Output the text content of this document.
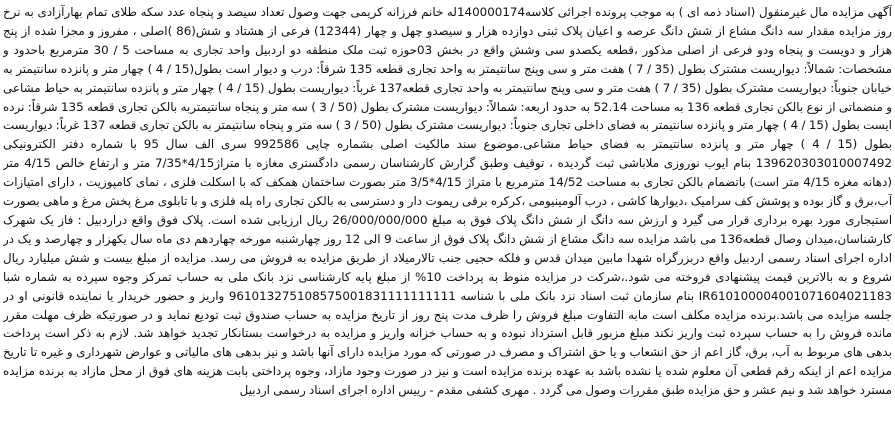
آگهی مزایده مال غیرمنقول (اسناد ذمه ای ) به موجب پرونده اجرائی کلاسه140000174له خانم فرزانه کریمی جهت وصول تعداد سیصد و پنجاه عدد سکه طلای تمام بهارآزادی به نرخ روز مزایده مقدار سه دانگ مشاع از شش دانگ عرصه و اعیان پلاک ثبتی دوازده هزار و سیصدو چهل و چهار (12344) فرعی از هشتاد و شش(86 )اصلی ، مفروز و مجزا شده از پنج هزار و دویست و پنجاه ودو فرعی از اصلی مذکور ،قطعه یکصدو سی وشش واقع در بخش 03حوزه ثبت ملک منطقه دو اردبیل واحد تجاری به مساحت 5 / 30 مترمربع باحدود و مشخصات: شمالاً: دیواریست مشترک بطول (35 / 7 ) هفت متر و سی وپنج سانتیمتر به واحد تجاری قطعه 135 شرقاً: درب و دیوار است بطول(15 / 4 ) چهار متر و پانزده سانتیمتر به خیابان جنوباً: دیواریست مشترک بطول (35 / 7 ) هفت متر و سی وپنج سانتیمتر به واحد تجاری قطعه137 غرباً: دیواریست بطول (15 / 4 ) چهار متر و پانزده سانتیمتر به حیاط مشاعی و منضماتی از نوع بالکن تجاری قطعه 136 به مساحت 52.14 به حدود اربعه: شمالاً: دیواریست مشترک بطول (50 / 3 ) سه متر و پنجاه سانتیمتربه بالکن تجاری قطعه 135 شرقاً: نرده ایست بطول (15 / 4 ) چهار متر و پانزده سانتیمتر به فضای داخلی تجاری جنوباً: دیواریست مشترک بطول (50 / 3 ) سه متر و پنجاه سانتیمتر به بالکن تجاری قطعه 137 غرباً: دیواریست بطول (15 / 4 ) چهار متر و پانزده سانتیمتر به فضای حیاط مشاعی.موضوع سند مالکیت اصلی بشماره چاپی 992586 سری الف سال 95 با شماره دفتر الکترونیکی 139620303010007492 بنام ایوب نوروزی ملاباشی ثبت گردیده ، توقیف وطبق گزارش کارشناسان رسمی دادگستری مغازه با متراژ4/15*7/35 متر و ارتفاع خالص 4/15 متر (دهانه مغزه 4/15 متر است) باتضمام بالکن تجاری به مساحت 14/52 مترمربع با متراژ 4/15*3/5 متر بصورت ساختمان همکف که با اسکلت فلزی ، نمای کامپوزیت ، دارای امتیازات آب،برق و گاز بوده و پوشش کف سرامیک ،دیوارها کاشی ، درب آلومینیومی ،کرکره برقی ریموت دار و دسترسی به بالکن تجاری راه پله فلزی و با تابلوی مرغ پخش مرغ و ماهی بصورت استیجاری مورد بهره برداری قرار می گیرد و ارزش سه دانگ از شش دانگ پلاک فوق به مبلغ 26/000/000/000 ریال ارزیابی شده است. پلاک فوق واقع دراردبیل : فاز یک شهرک کارشناسان،میدان وصال قطعه136 می باشد مزایده سه دانگ مشاع از شش دانگ پلاک فوق از ساعت 9 الی 12 روز چهارشنبه مورخه چهاردهم دی ماه سال یکهزار و چهارصد و یک در اداره اجرای اسناد رسمی اردبیل واقع دربزرگراه شهدا مابین میدان قدس و فلکه حجیی جنب تالارمیلاد از طریق مزایده به فروش می رسد. مزایده از مبلغ بیست و شش میلیارد ریال شروع و به بالاترین قیمت پیشنهادی فروخته می شود.،شرکت در مزایده منوط به پرداخت 10% از مبلغ پایه کارشناسی نزد بانک ملی به حساب تمرکز وجوه سپرده به شماره شبا IR610100004001071604021183 بنام سازمان ثبت اسناد نزد بانک ملی با شناسه 961013275108575001831111111111 واریز و حضور خریدار یا نماینده قانونی او در جلسه مزایده می باشد.برنده مزایده مکلف است مابه التفاوت مبلغ فروش را ظرف مدت پنج روز از تاریخ مزایده به حساب صندوق ثبت تودیع نماید و در صورتیکه ظرف مهلت مقرر مانده فروش را به حساب سپرده ثبت واریز نکند مبلغ مزبور قابل استرداد نبوده و به حساب خزانه واریز و مزایده به درخواست بستانکار تجدید خواهد شد. لازم به ذکر است پرداخت بدهی های مربوط به آب، برق، گاز اعم از حق انشعاب و یا حق اشتراک و مصرف در صورتی که مورد مزایده دارای آنها باشد و نیز بدهی های مالیاتی و عوارض شهرداری و غیره تا تاریخ مزایده اعم از اینکه رقم قطعی آن معلوم شده یا نشده باشد به عهده برنده مزایده است و نیز در صورت وجود مازاد، وجوه پرداختی بابت هزینه های فوق از محل مازاد به برنده مزایده مسترد خواهد شد و نیم عشر و حق مزایده طبق مقررات وصول می گردد . مهری کشفی مقدم - رییس اداره اجرای اسناد رسمی اردبیل
